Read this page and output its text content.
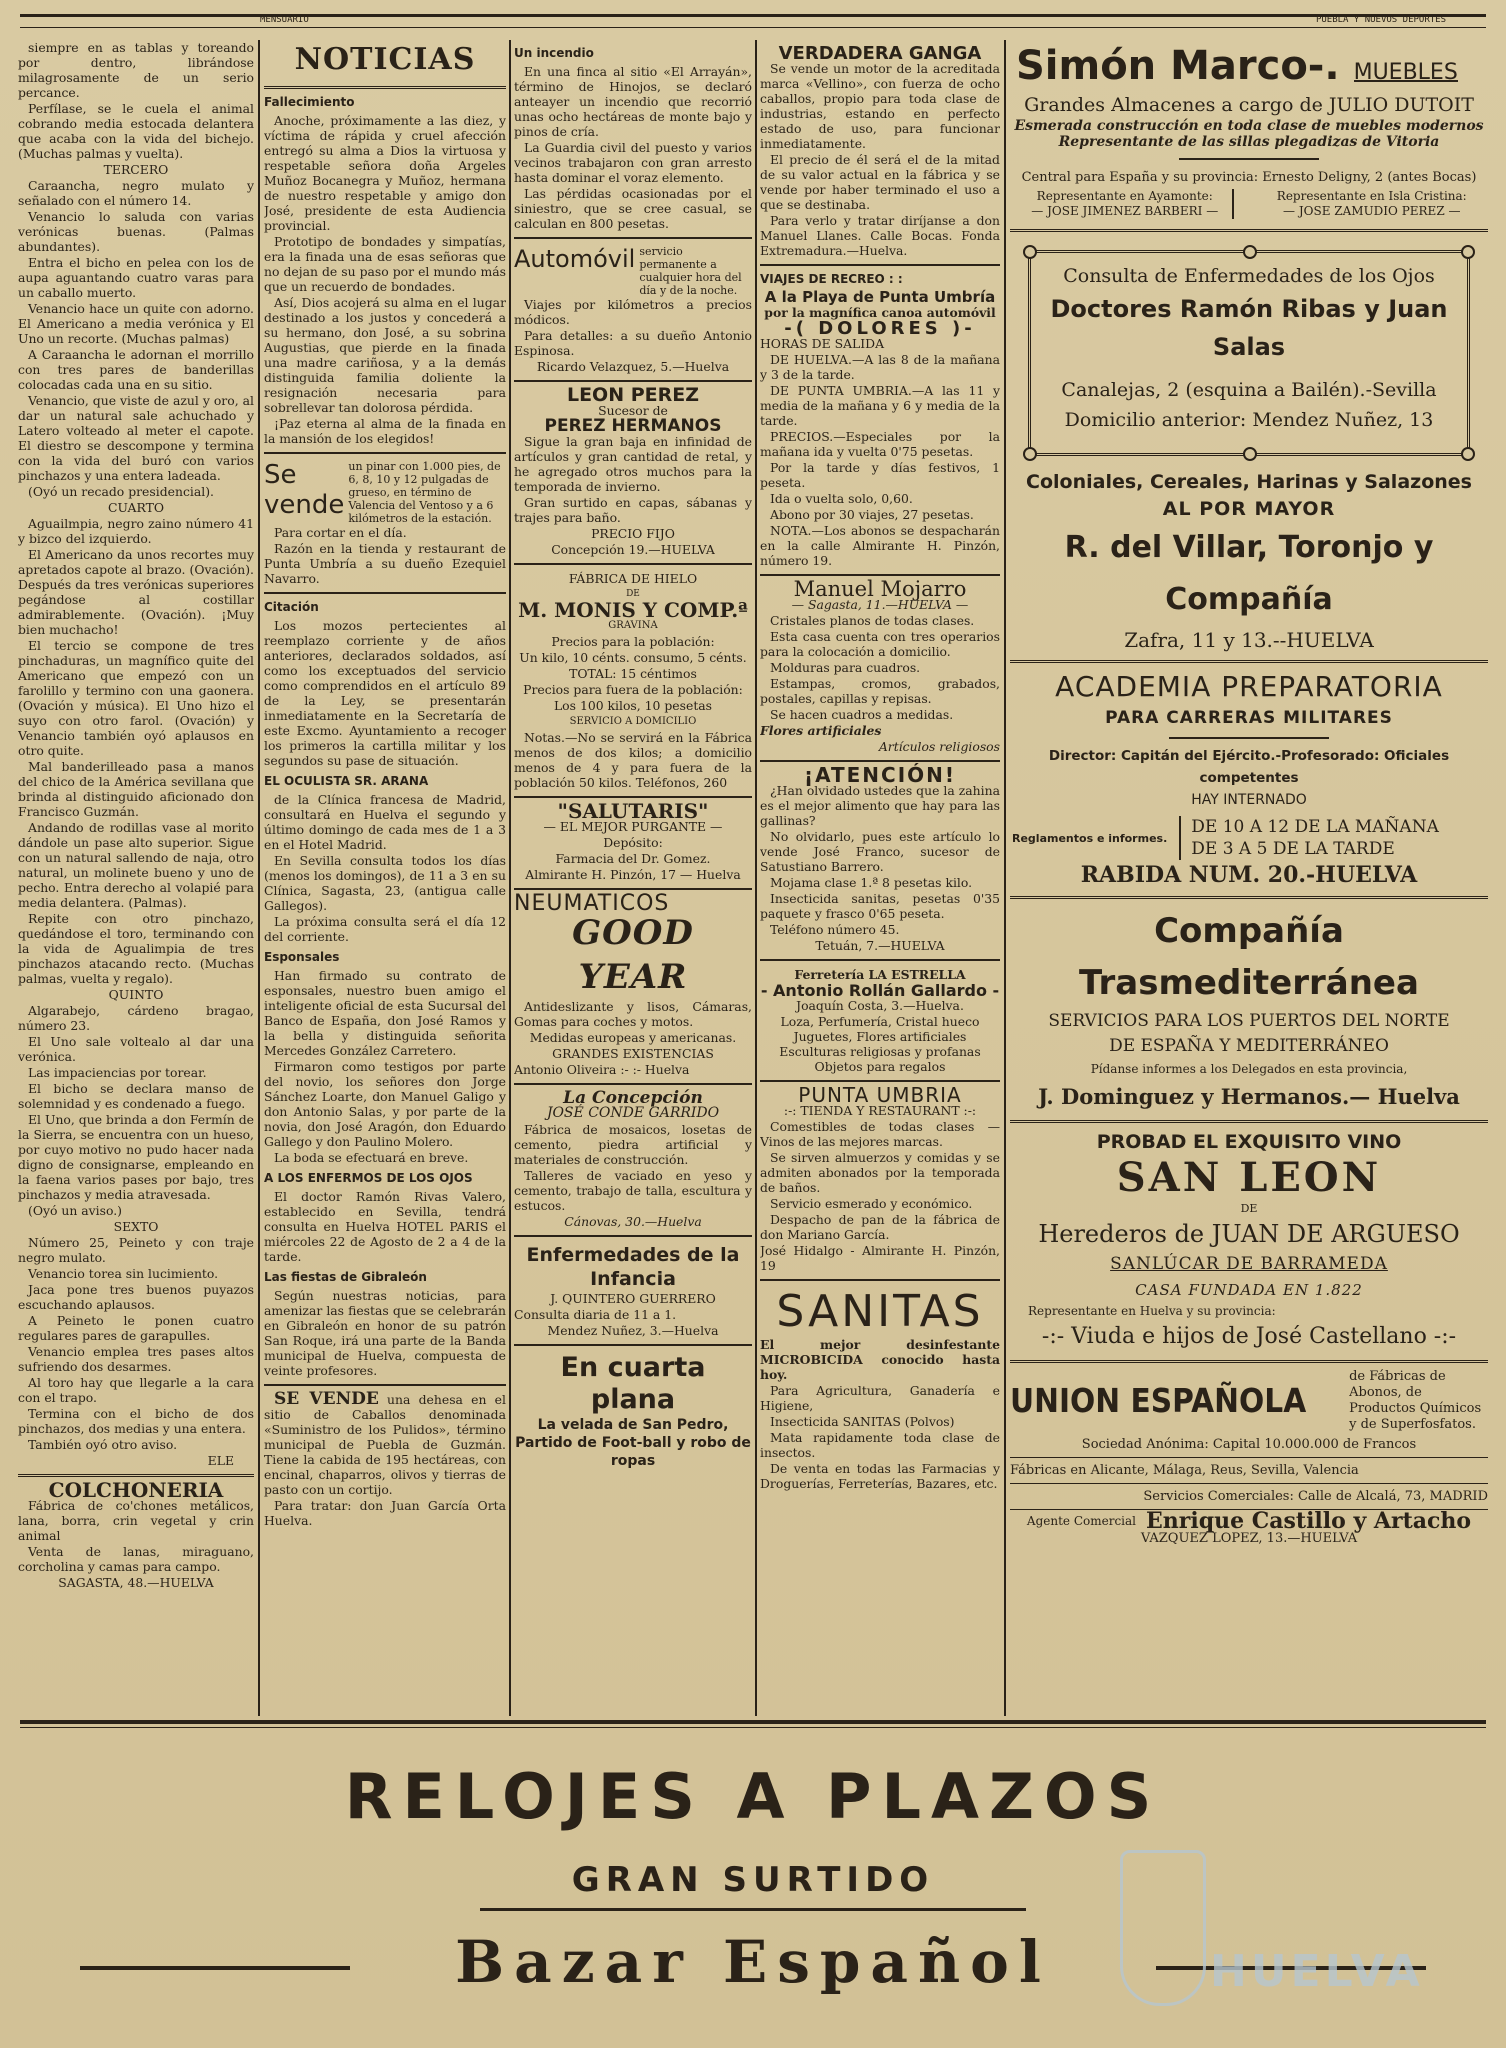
MENSUARIO	PUEBLA Y NUEVOS DEPORTES

siempre en as tablas y toreando por dentro, librándose milagrosamente de un serio percance.

Perfílase, se le cuela el animal cobrando media estocada delantera que acaba con la vida del bichejo. (Muchas palmas y vuelta).

TERCERO

Caraancha, negro mulato y señalado con el número 14.

Venancio lo saluda con varias verónicas buenas. (Palmas abundantes).

Entra el bicho en pelea con los de aupa aguantando cuatro varas para un caballo muerto.

Venancio hace un quite con adorno. El Americano a media verónica y El Uno un recorte. (Muchas palmas)

A Caraancha le adornan el morrillo con tres pares de banderillas colocadas cada una en su sitio.

Venancio, que viste de azul y oro, al dar un natural sale achuchado y Latero volteado al meter el capote. El diestro se descompone y termina con la vida del buró con varios pinchazos y una entera ladeada.

(Oyó un recado presidencial).

CUARTO

Aguailmpia, negro zaino número 41 y bizco del izquierdo.

El Americano da unos recortes muy apretados capote al brazo. (Ovación). Después da tres verónicas superiores pegándose al costillar admirablemente. (Ovación). ¡Muy bien muchacho!

El tercio se compone de tres pinchaduras, un magnífico quite del Americano que empezó con un farolillo y termino con una gaonera. (Ovación y música). El Uno hizo el suyo con otro farol. (Ovación) y Venancio también oyó aplausos en otro quite.

Mal banderilleado pasa a manos del chico de la América sevillana que brinda al distinguido aficionado don Francisco Guzmán.

Andando de rodillas vase al morito dándole un pase alto superior. Sigue con un natural sallendo de naja, otro natural, un molinete bueno y uno de pecho. Entra derecho al volapié para media delantera. (Palmas).

Repite con otro pinchazo, quedándose el toro, terminando con la vida de Agualimpia de tres pinchazos atacando recto. (Muchas palmas, vuelta y regalo).

QUINTO

Algarabejo, cárdeno bragao, número 23.

El Uno sale voltealo al dar una verónica.

Las impaciencias por torear.

El bicho se declara manso de solemnidad y es condenado a fuego.

El Uno, que brinda a don Fermín de la Sierra, se encuentra con un hueso, por cuyo motivo no pudo hacer nada digno de consignarse, empleando en la faena varios pases por bajo, tres pinchazos y media atravesada.

(Oyó un aviso.)

SEXTO

Número 25, Peineto y con traje negro mulato.

Venancio torea sin lucimiento.

Jaca pone tres buenos puyazos escuchando aplausos.

A Peineto le ponen cuatro regulares pares de garapulles.

Venancio emplea tres pases altos sufriendo dos desarmes.

Al toro hay que llegarle a la cara con el trapo.

Termina con el bicho de dos pinchazos, dos medias y una entera.

También oyó otro aviso.

ELE

COLCHONERIA

Fábrica de co'chones metálicos, lana, borra, crin vegetal y crin animal

Venta de lanas, miraguano, corcholina y camas para campo.

SAGASTA, 48.—HUELVA

NOTICIAS
Fallecimiento

Anoche, próximamente a las diez, y víctima de rápida y cruel afección entregó su alma a Dios la virtuosa y respetable señora doña Argeles Muñoz Bocanegra y Muñoz, hermana de nuestro respetable y amigo don José, presidente de esta Audiencia provincial.

Prototipo de bondades y simpatías, era la finada una de esas señoras que no dejan de su paso por el mundo más que un recuerdo de bondades.

Así, Dios acojerá su alma en el lugar destinado a los justos y concederá a su hermano, don José, a su sobrina Augustias, que pierde en la finada una madre cariñosa, y a la demás distinguida familia doliente la resignación necesaria para sobrellevar tan dolorosa pérdida.

¡Paz eterna al alma de la finada en la mansión de los elegidos!

Se vende
un pinar con 1.000 pies, de 6, 8, 10 y 12 pulgadas de grueso, en término de Valencia del Ventoso y a 6 kilómetros de la estación.

Para cortar en el día.

Razón en la tienda y restaurant de Punta Umbría a su dueño Ezequiel Navarro.

Citación

Los mozos pertecientes al reemplazo corriente y de años anteriores, declarados soldados, así como los exceptuados del servicio como comprendidos en el artículo 89 de la Ley, se presentarán inmediatamente en la Secretaría de este Excmo. Ayuntamiento a recoger los primeros la cartilla militar y los segundos su pase de situación.

EL OCULISTA SR. ARANA

de la Clínica francesa de Madrid, consultará en Huelva el segundo y último domingo de cada mes de 1 a 3 en el Hotel Madrid.

En Sevilla consulta todos los días (menos los domingos), de 11 a 3 en su Clínica, Sagasta, 23, (antigua calle Gallegos).

La próxima consulta será el día 12 del corriente.

Esponsales

Han firmado su contrato de esponsales, nuestro buen amigo el inteligente oficial de esta Sucursal del Banco de España, don José Ramos y la bella y distinguida señorita Mercedes González Carretero.

Firmaron como testigos por parte del novio, los señores don Jorge Sánchez Loarte, don Manuel Galigo y don Antonio Salas, y por parte de la novia, don José Aragón, don Eduardo Gallego y don Paulino Molero.

La boda se efectuará en breve.

A LOS ENFERMOS DE LOS OJOS

El doctor Ramón Rivas Valero, establecido en Sevilla, tendrá consulta en Huelva HOTEL PARIS el miércoles 22 de Agosto de 2 a 4 de la tarde.

Las fiestas de Gibraleón

Según nuestras noticias, para amenizar las fiestas que se celebrarán en Gibraleón en honor de su patrón San Roque, irá una parte de la Banda municipal de Huelva, compuesta de veinte profesores.

SE VENDE una dehesa en el sitio de Caballos denominada «Suministro de los Pulidos», término municipal de Puebla de Guzmán. Tiene la cabida de 195 hectáreas, con encinal, chaparros, olivos y tierras de pasto con un cortijo.

Para tratar: don Juan García Orta Huelva.

Un incendio

En una finca al sitio «El Arrayán», término de Hinojos, se declaró anteayer un incendio que recorrió unas ocho hectáreas de monte bajo y pinos de cría.

La Guardia civil del puesto y varios vecinos trabajaron con gran arresto hasta dominar el voraz elemento.

Las pérdidas ocasionadas por el siniestro, que se cree casual, se calculan en 800 pesetas.

Automóvil servicio permanente a cualquier hora del día y de la noche.

Viajes por kilómetros a precios módicos.

Para detalles: a su dueño Antonio Espinosa.

Ricardo Velazquez, 5.—Huelva

LEON PEREZ

Sucesor de

PEREZ HERMANOS

Sigue la gran baja en infinidad de artículos y gran cantidad de retal, y he agregado otros muchos para la temporada de invierno.

Gran surtido en capas, sábanas y trajes para baño.

PRECIO FIJO

Concepción 19.—HUELVA

FÁBRICA DE HIELO

DE

M. MONIS Y COMP.ª

GRAVINA

Precios para la población:

Un kilo, 10 cénts. consumo, 5 cénts.

TOTAL: 15 céntimos

Precios para fuera de la población:

Los 100 kilos, 10 pesetas

SERVICIO A DOMICILIO

Notas.—No se servirá en la Fábrica menos de dos kilos; a domicilio menos de 4 y para fuera de la población 50 kilos. Teléfonos, 260

"SALUTARIS"

— EL MEJOR PURGANTE —

Depósito:

Farmacia del Dr. Gomez.

Almirante H. Pinzón, 17 — Huelva

NEUMATICOS
GOOD YEAR

Antideslizante y lisos, Cámaras, Gomas para coches y motos.

Medidas europeas y americanas.

GRANDES EXISTENCIAS

Antonio Oliveira :- :- Huelva

La Concepción

JOSÉ CONDE GARRIDO

Fábrica de mosaicos, losetas de cemento, piedra artificial y materiales de construcción.

Talleres de vaciado en yeso y cemento, trabajo de talla, escultura y estucos.

Cánovas, 30.—Huelva

Enfermedades de la Infancia

J. QUINTERO GUERRERO

Consulta diaria de 11 a 1.

Mendez Nuñez, 3.—Huelva

En cuarta plana
La velada de San Pedro, Partido de Foot-ball y robo de ropas
VERDADERA GANGA

Se vende un motor de la acreditada marca «Vellino», con fuerza de ocho caballos, propio para toda clase de industrias, estando en perfecto estado de uso, para funcionar inmediatamente.

El precio de él será el de la mitad de su valor actual en la fábrica y se vende por haber terminado el uso a que se destinaba.

Para verlo y tratar diríjanse a don Manuel Llanes. Calle Bocas. Fonda Extremadura.—Huelva.

VIAJES DE RECREO : :
A la Playa de Punta Umbría

por la magnífica canoa automóvil

-( DOLORES )-

HORAS DE SALIDA

DE HUELVA.—A las 8 de la mañana y 3 de la tarde.

DE PUNTA UMBRIA.—A las 11 y media de la mañana y 6 y media de la tarde.

PRECIOS.—Especiales por la mañana ida y vuelta 0'75 pesetas.

Por la tarde y días festivos, 1 peseta.

Ida o vuelta solo, 0,60.

Abono por 30 viajes, 27 pesetas.

NOTA.—Los abonos se despacharán en la calle Almirante H. Pinzón, número 19.

Manuel Mojarro

— Sagasta, 11.—HUELVA —

Cristales planos de todas clases.

Esta casa cuenta con tres operarios para la colocación a domicilio.

Molduras para cuadros.

Estampas, cromos, grabados, postales, capillas y repisas.

Se hacen cuadros a medidas.

Flores artificiales

Artículos religiosos

¡ATENCIÓN!

¿Han olvidado ustedes que la zahina es el mejor alimento que hay para las gallinas?

No olvidarlo, pues este artículo lo vende José Franco, sucesor de Satustiano Barrero.

Mojama clase 1.ª 8 pesetas kilo.

Insecticida sanitas, pesetas 0'35 paquete y frasco 0'65 peseta.

Teléfono número 45.

Tetuán, 7.—HUELVA

Ferretería LA ESTRELLA

- Antonio Rollán Gallardo -

Joaquín Costa, 3.—Huelva.

Loza, Perfumería, Cristal hueco Juguetes, Flores artificiales Esculturas religiosas y profanas Objetos para regalos

PUNTA UMBRIA

:-: TIENDA Y RESTAURANT :-:

Comestibles de todas clases — Vinos de las mejores marcas.

Se sirven almuerzos y comidas y se admiten abonados por la temporada de baños.

Servicio esmerado y económico.

Despacho de pan de la fábrica de don Mariano García.

José Hidalgo - Almirante H. Pinzón, 19

SANITAS

El mejor desinfestante MICROBICIDA conocido hasta hoy.

Para Agricultura, Ganadería e Higiene,

Insecticida SANITAS (Polvos)

Mata rapidamente toda clase de insectos.

De venta en todas las Farmacias y Droguerías, Ferreterías, Bazares, etc.

Simón Marco-. MUEBLES

Grandes Almacenes a cargo de JULIO DUTOIT

Esmerada construcción en toda clase de muebles modernos

Representante de las sillas plegadizas de Vitoria

Central para España y su provincia: Ernesto Deligny, 2 (antes Bocas)

Representante en Ayamonte:
— JOSE JIMENEZ BARBERI —
Representante en Isla Cristina:
— JOSE ZAMUDIO PEREZ —

Consulta de Enfermedades de los Ojos

Doctores Ramón Ribas y Juan Salas

Canalejas, 2 (esquina a Bailén).-Sevilla

Domicilio anterior: Mendez Nuñez, 13

Coloniales, Cereales, Harinas y Salazones
AL POR MAYOR
R. del Villar, Toronjo y Compañía

Zafra, 11 y 13.--HUELVA

ACADEMIA PREPARATORIA
PARA CARRERAS MILITARES

Director: Capitán del Ejército.-Profesorado: Oficiales competentes

HAY INTERNADO

Reglamentos e informes.
DE 10 A 12 DE LA MAÑANA
DE 3 A 5 DE LA TARDE
RABIDA NUM. 20.-HUELVA
Compañía Trasmediterránea

SERVICIOS PARA LOS PUERTOS DEL NORTE

DE ESPAÑA Y MEDITERRÁNEO

Pídanse informes a los Delegados en esta provincia,

J. Dominguez y Hermanos.— Huelva
PROBAD EL EXQUISITO VINO
SAN LEON

DE

Herederos de JUAN DE ARGUESO

SANLÚCAR DE BARRAMEDA

CASA FUNDADA EN 1.822

Representante en Huelva y su provincia:

-:- Viuda e hijos de José Castellano -:-

UNION ESPAÑOLA
de Fábricas de Abonos, de Productos Químicos y de Superfosfatos.

Sociedad Anónima: Capital 10.000.000 de Francos

Fábricas en Alicante, Málaga, Reus, Sevilla, Valencia

Servicios Comerciales: Calle de Alcalá, 73, MADRID

Agente Comercial Enrique Castillo y Artacho

VAZQUEZ LOPEZ, 13.—HUELVA

RELOJES A PLAZOS
GRAN SURTIDO
Bazar Español	HUELVA
